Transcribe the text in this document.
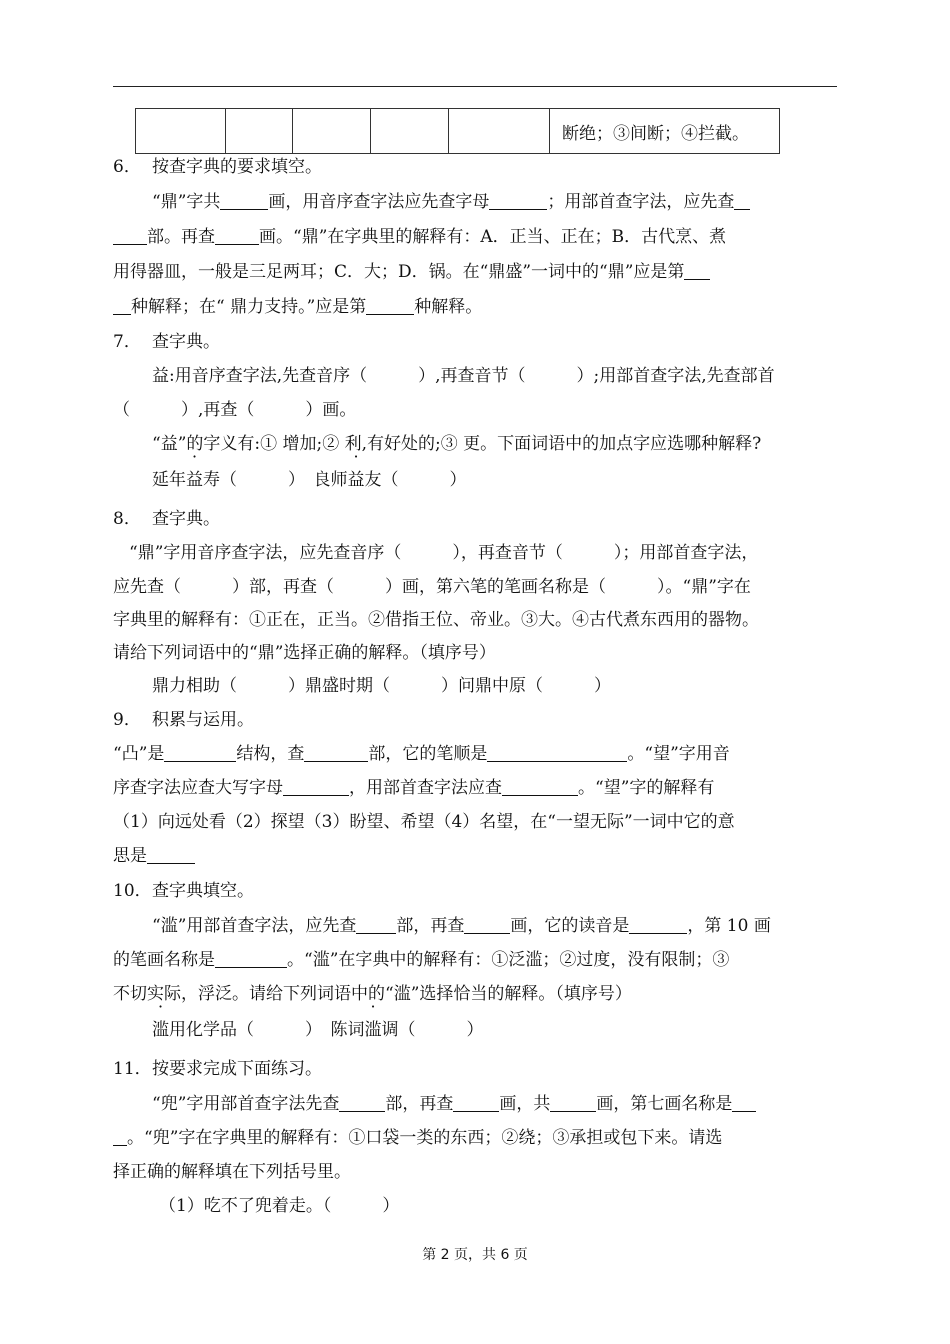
					断绝；③间断；④拦截。
6． 按查字典的要求填空。
“鼎”字共	画，用音序查字法应先查字母	；用部首查字法，应先查
部。再查	画。“鼎”在字典里的解释有：A．正当、正在；B．古代烹、煮
用得器皿，一般是三足两耳；C．大；D．锅。在“鼎盛”一词中的“鼎”应是第
种解释；在“ 鼎力支持。”应是第	种解释。
7． 查字典。
益:用音序查字法,先查音序（　　　）,再查音节（　　　）;用部首查字法,先查部首
（　　　）,再查（　　　）画。
“益”的字义有:① 增加;② 利,有好处的;③ 更。下面词语中的加点字应选哪种解释?
延年益寿（　　　）　良师益友（　　　）
8． 查字典。
“鼎”字用音序查字法，应先查音序（　　　），再查音节（　　　）；用部首查字法，
应先查（　　　）部，再查（　　　）画，第六笔的笔画名称是（　　　）。“鼎”字在
字典里的解释有：①正在，正当。②借指王位、帝业。③大。④古代煮东西用的器物。
请给下列词语中的“鼎”选择正确的解释。（填序号）
鼎力相助（　　　）鼎盛时期（　　　）问鼎中原（　　　）
9． 积累与运用。
“凸”是	结构，查	部，它的笔顺是	。“望”字用音
序查字法应查大写字母	，用部首查字法应查	。“望”字的解释有
（1）向远处看（2）探望（3）盼望、希望（4）名望，在“一望无际”一词中它的意
思是
10．查字典填空。
“滥”用部首查字法，应先查 部，再查	画，它的读音是	，第 10 画
的笔画名称是	。“滥”在字典中的解释有：①泛滥；②过度，没有限制；③
不切实际，浮泛。请给下列词语中的“滥”选择恰当的解释。（填序号）
滥用化学品（　　　）　陈词滥调（　　　）
11．按要求完成下面练习。
“兜”字用部首查字法先查	部，再查	画，共	画，第七画名称是
。“兜”字在字典里的解释有：①口袋一类的东西；②绕；③承担或包下来。请选
择正确的解释填在下列括号里。
（1）吃不了兜着走。（　　　）
第 2 页，共 6 页
